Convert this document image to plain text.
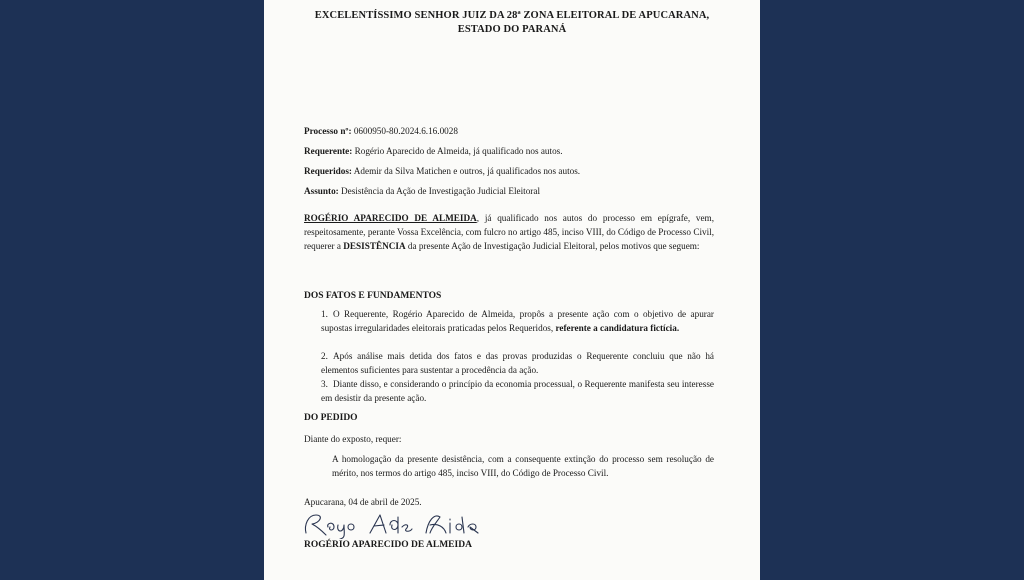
EXCELENTÍSSIMO SENHOR JUIZ DA 28ª ZONA ELEITORAL DE APUCARANA,
ESTADO DO PARANÁ
Processo nº: 0600950-80.2024.6.16.0028
Requerente: Rogério Aparecido de Almeida, já qualificado nos autos.
Requeridos: Ademir da Silva Matichen e outros, já qualificados nos autos.
Assunto: Desistência da Ação de Investigação Judicial Eleitoral
ROGÉRIO APARECIDO DE ALMEIDA, já qualificado nos autos do processo em epígrafe, vem, respeitosamente, perante Vossa Excelência, com fulcro no artigo 485, inciso VIII, do Código de Processo Civil, requerer a DESISTÊNCIA da presente Ação de Investigação Judicial Eleitoral, pelos motivos que seguem:
DOS FATOS E FUNDAMENTOS
1. O Requerente, Rogério Aparecido de Almeida, propôs a presente ação com o objetivo de apurar supostas irregularidades eleitorais praticadas pelos Requeridos, referente a candidatura fictícia.
2. Após análise mais detida dos fatos e das provas produzidas o Requerente concluiu que não há elementos suficientes para sustentar a procedência da ação.
3. Diante disso, e considerando o princípio da economia processual, o Requerente manifesta seu interesse em desistir da presente ação.
DO PEDIDO
Diante do exposto, requer:
A homologação da presente desistência, com a consequente extinção do processo sem resolução de mérito, nos termos do artigo 485, inciso VIII, do Código de Processo Civil.
Apucarana, 04 de abril de 2025.
ROGÉRIO APARECIDO DE ALMEIDA
